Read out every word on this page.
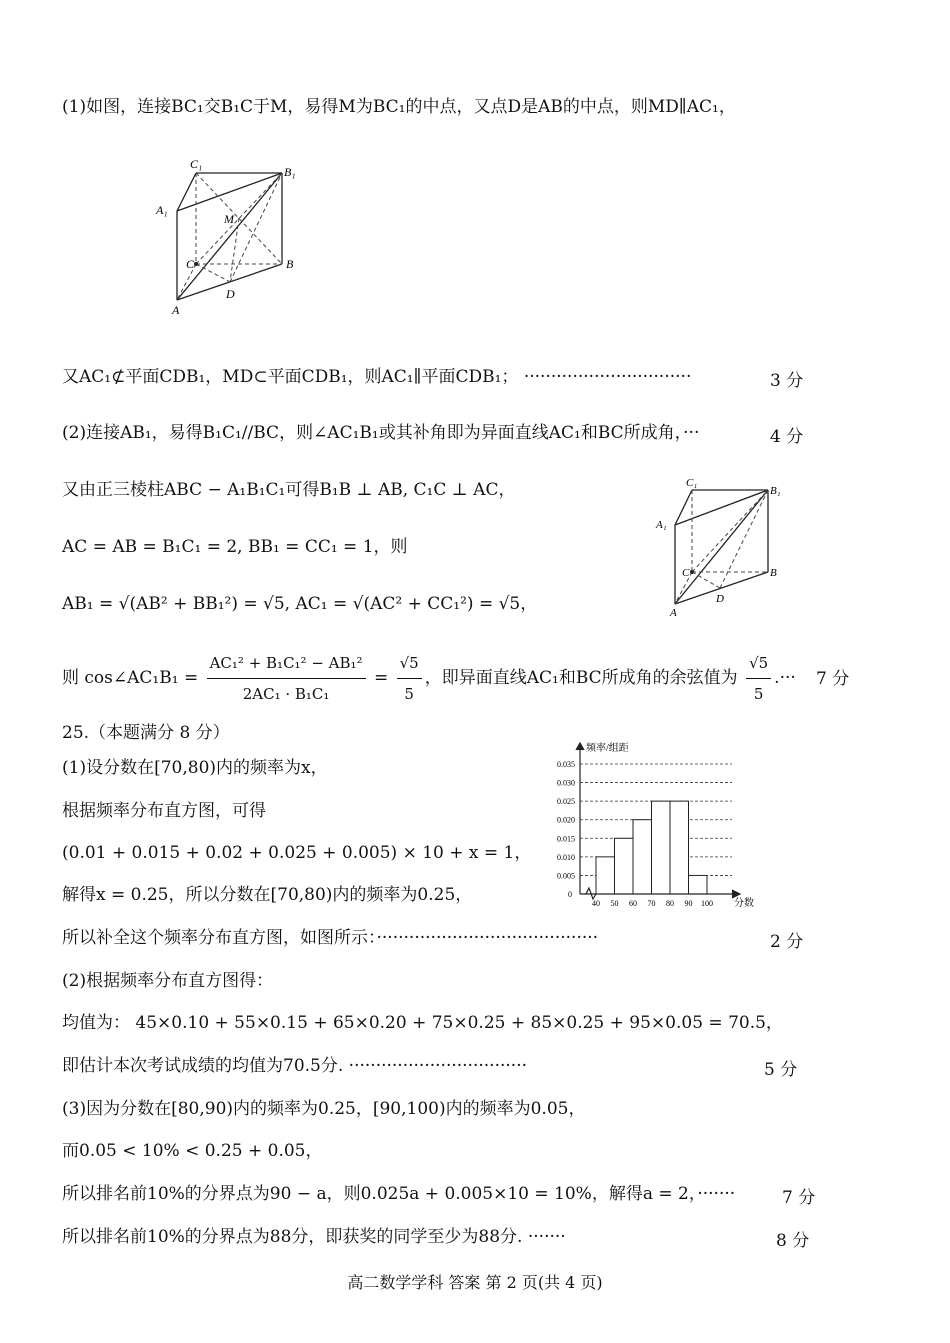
(1)如图，连接BC₁交B₁C于M，易得M为BC₁的中点，又点D是AB的中点，则MD∥AC₁，
C₁
B₁
A₁
M
C	B
A
D
又AC₁⊄平面CDB₁，MD⊂平面CDB₁，则AC₁∥平面CDB₁； ·······························	3 分
(2)连接AB₁，易得B₁C₁//BC，则∠AC₁B₁或其补角即为异面直线AC₁和BC所成角，···	4 分
又由正三棱柱ABC − A₁B₁C₁可得B₁B ⊥ AB, C₁C ⊥ AC，
AC = AB = B₁C₁ = 2, BB₁ = CC₁ = 1，则
AB₁ = √(AB² + BB₁²) = √5, AC₁ = √(AC² + CC₁²) = √5，
C₁
B₁
A₁
C	B
A
D
则 cos∠AC₁B₁ = $\frac{\text{AC₁² + B₁C₁² − AB₁²}}{\text{2AC₁ · B₁C₁}} = \frac{√5}{5}$ ，即异面直线AC₁和BC所成角的余弦值为 $\frac{√5}{5}$ .··· 7 分
25.（本题满分 8 分）
(1)设分数在[70,80)内的频率为x，
根据频率分布直方图，可得
(0.01 + 0.015 + 0.02 + 0.025 + 0.005) × 10 + x = 1，
解得x = 0.25，所以分数在[70,80)内的频率为0.25，
频率/组距
分数
0
0.005
0.010
0.015
0.020
0.025
0.030
0.035
40 50 60 70 80 90 100
所以补全这个频率分布直方图，如图所示：·········································	2 分
(2)根据频率分布直方图得：
均值为： 45×0.10 + 55×0.15 + 65×0.20 + 75×0.25 + 85×0.25 + 95×0.05 = 70.5，
即估计本次考试成绩的均值为70.5分. ·································	5 分
(3)因为分数在[80,90)内的频率为0.25，[90,100)内的频率为0.05，
而0.05 < 10% < 0.25 + 0.05，
所以排名前10%的分界点为90 − a，则0.025a + 0.005×10 = 10%，解得a = 2，·······	7 分
所以排名前10%的分界点为88分，即获奖的同学至少为88分. ·······	8 分
高二数学学科 答案 第 2 页(共 4 页)
